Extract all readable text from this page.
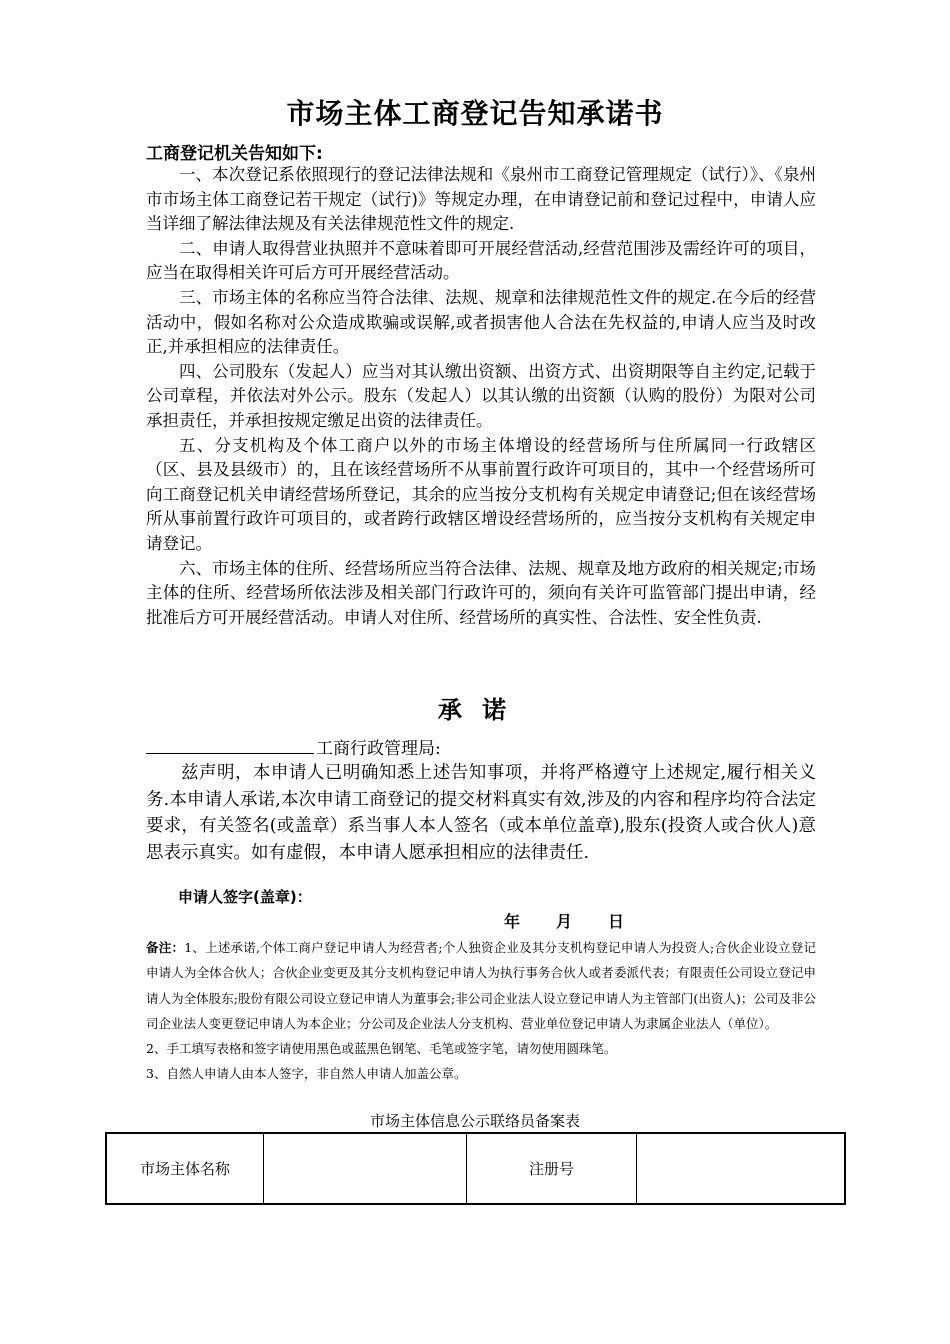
市场主体工商登记告知承诺书
工商登记机关告知如下:

一、本次登记系依照现行的登记法律法规和《泉州市工商登记管理规定（试行）》、《泉州市市场主体工商登记若干规定（试行)》等规定办理，在申请登记前和登记过程中，申请人应当详细了解法律法规及有关法律规范性文件的规定.

二、申请人取得营业执照并不意味着即可开展经营活动,经营范围涉及需经许可的项目，应当在取得相关许可后方可开展经营活动。

三、市场主体的名称应当符合法律、法规、规章和法律规范性文件的规定.在今后的经营活动中，假如名称对公众造成欺骗或误解,或者损害他人合法在先权益的,申请人应当及时改正,并承担相应的法律责任。

四、公司股东（发起人）应当对其认缴出资额、出资方式、出资期限等自主约定,记载于公司章程，并依法对外公示。股东（发起人）以其认缴的出资额（认购的股份）为限对公司承担责任，并承担按规定缴足出资的法律责任。

五、分支机构及个体工商户以外的市场主体增设的经营场所与住所属同一行政辖区（区、县及县级市）的，且在该经营场所不从事前置行政许可项目的，其中一个经营场所可向工商登记机关申请经营场所登记，其余的应当按分支机构有关规定申请登记;但在该经营场所从事前置行政许可项目的，或者跨行政辖区增设经营场所的，应当按分支机构有关规定申请登记。

六、市场主体的住所、经营场所应当符合法律、法规、规章及地方政府的相关规定;市场主体的住所、经营场所依法涉及相关部门行政许可的，须向有关许可监管部门提出申请，经批准后方可开展经营活动。申请人对住所、经营场所的真实性、合法性、安全性负责.

承 诺
工商行政管理局:

兹声明，本申请人已明确知悉上述告知事项，并将严格遵守上述规定,履行相关义务.本申请人承诺,本次申请工商登记的提交材料真实有效,涉及的内容和程序均符合法定要求，有关签名(或盖章）系当事人本人签名（或本单位盖章),股东(投资人或合伙人)意思表示真实。如有虚假，本申请人愿承担相应的法律责任.

申请人签字(盖章)：
年 月 日

备注：1、上述承诺,个体工商户登记申请人为经营者;个人独资企业及其分支机构登记申请人为投资人;合伙企业设立登记申请人为全体合伙人；合伙企业变更及其分支机构登记申请人为执行事务合伙人或者委派代表；有限责任公司设立登记申请人为全体股东;股份有限公司设立登记申请人为董事会;非公司企业法人设立登记申请人为主管部门(出资人)；公司及非公司企业法人变更登记申请人为本企业；分公司及企业法人分支机构、营业单位登记申请人为隶属企业法人（单位）。

2、手工填写表格和签字请使用黑色或蓝黑色钢笔、毛笔或签字笔，请勿使用圆珠笔。

3、自然人申请人由本人签字，非自然人申请人加盖公章。

市场主体信息公示联络员备案表
市场主体名称		注册号	
